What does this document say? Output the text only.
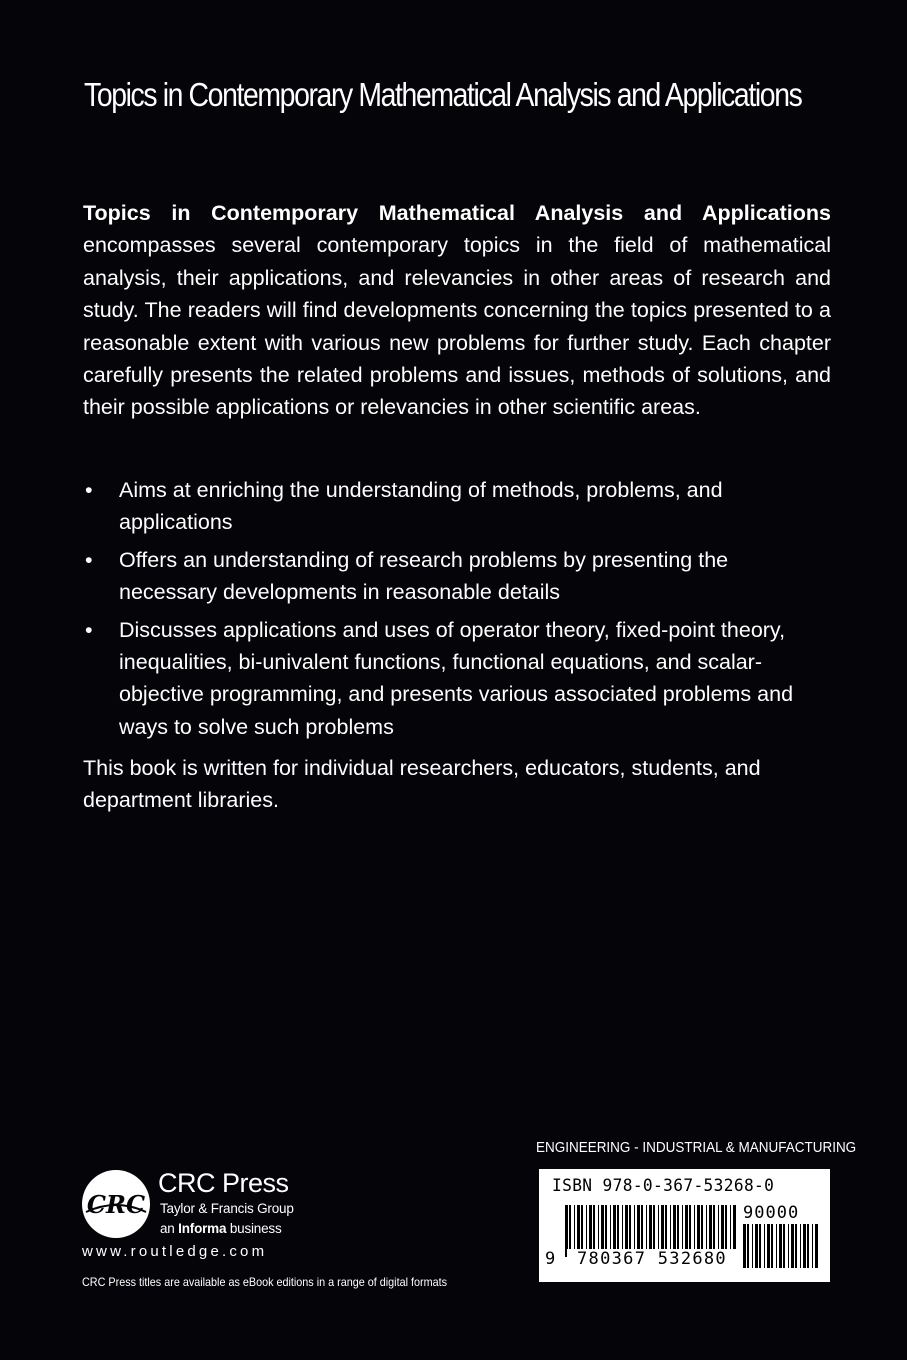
Topics in Contemporary Mathematical Analysis and Applications

Topics in Contemporary Mathematical Analysis and Applications encompasses several contemporary topics in the field of mathematical analysis, their applications, and relevancies in other areas of research and study. The readers will find developments concerning the topics presented to a reasonable extent with various new problems for further study. Each chapter carefully presents the related problems and issues, methods of solutions, and their possible applications or relevancies in other scientific areas.

• Aims at enriching the understanding of methods, problems, and applications
• Offers an understanding of research problems by presenting the necessary developments in reasonable details
• Discusses applications and uses of operator theory, fixed-point theory, inequalities, bi-univalent functions, functional equations, and scalar-objective programming, and presents various associated problems and ways to solve such problems

This book is written for individual researchers, educators, students, and department libraries.

ENGINEERING - INDUSTRIAL & MANUFACTURING
ISBN 978-0-367-53268-0
90000
9	780367 532680
CRC
CRC Press
Taylor & Francis Group
an Informa business
www.routledge.com
CRC Press titles are available as eBook editions in a range of digital formats
